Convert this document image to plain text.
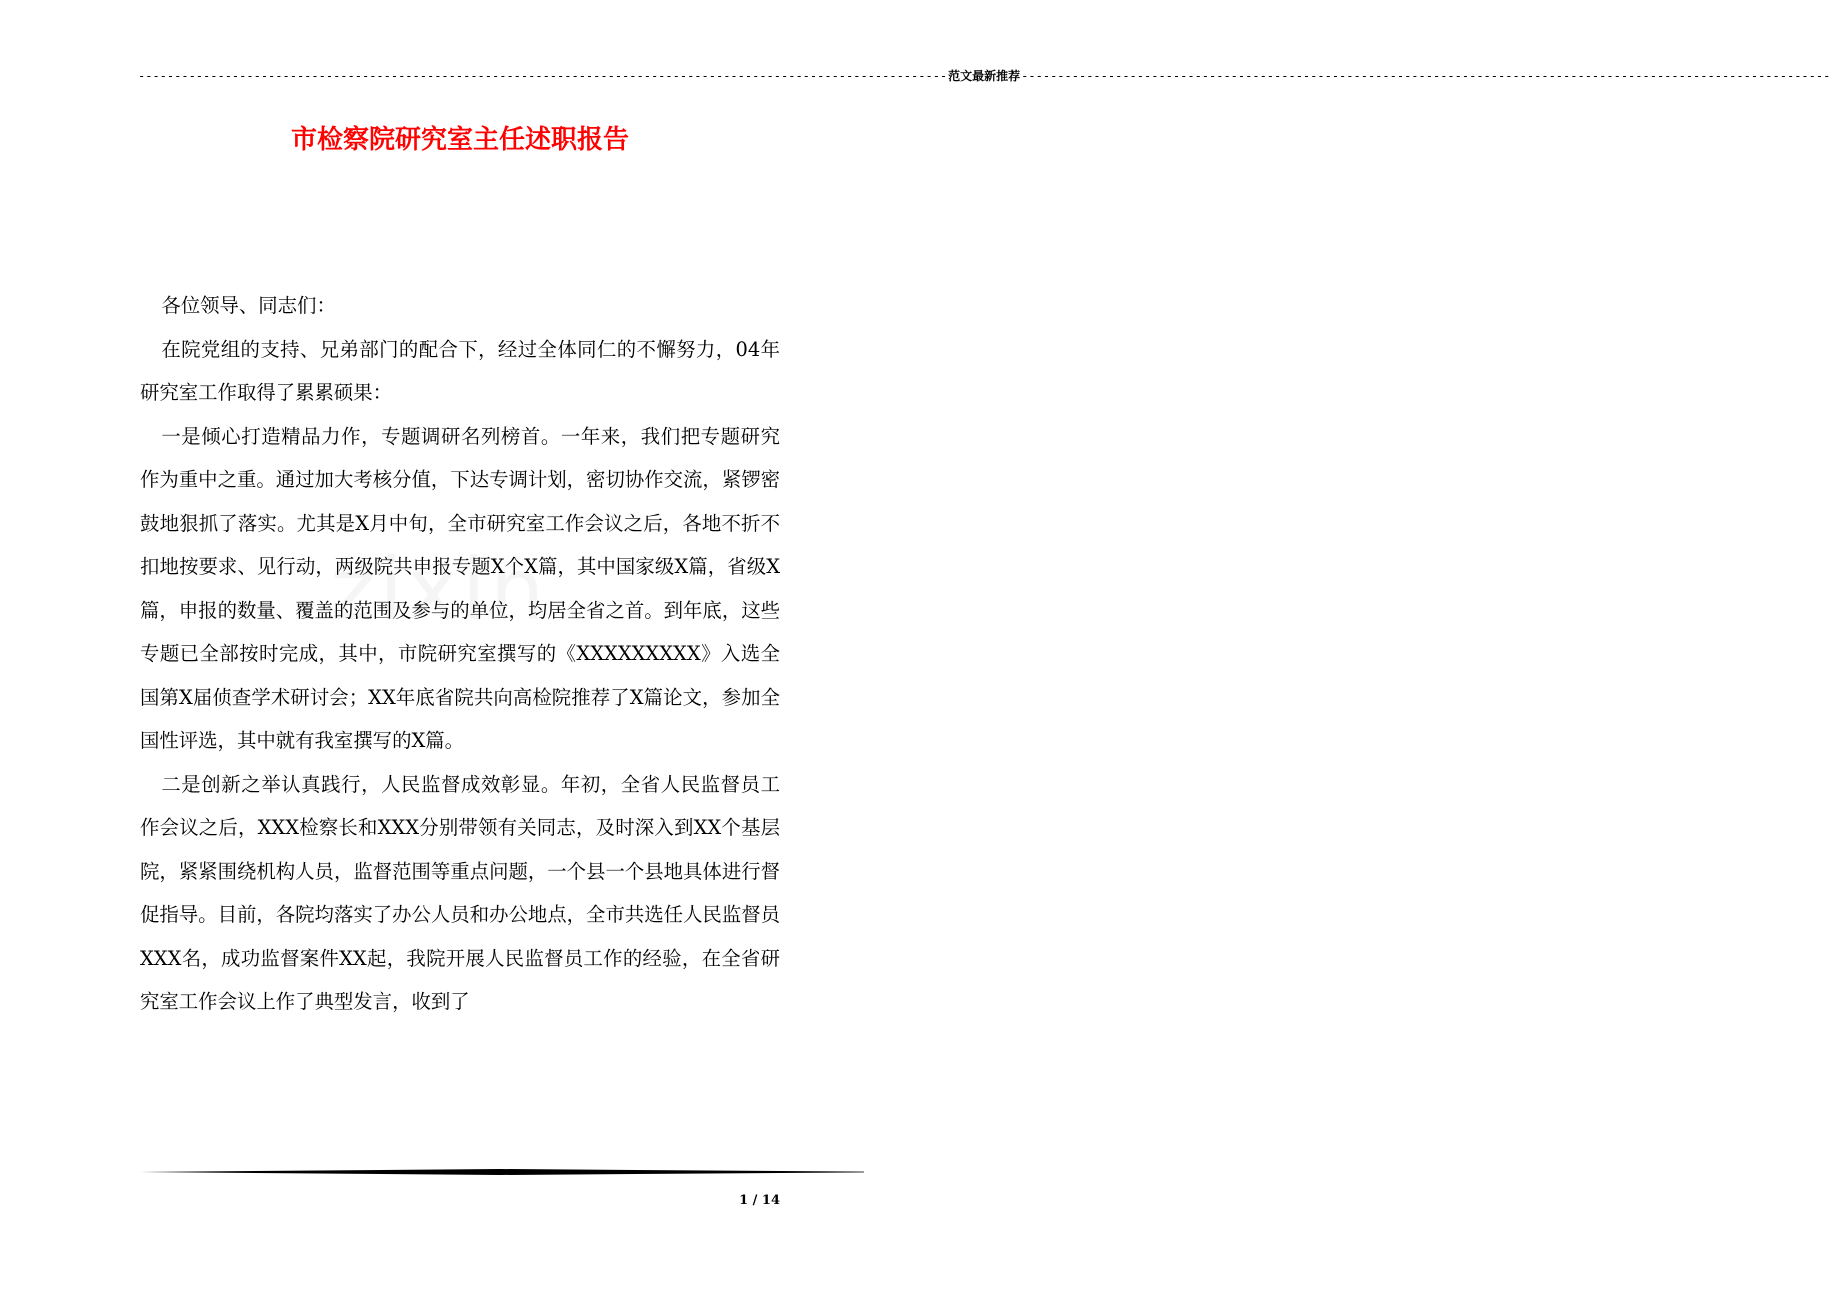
---------------------------------------------------------------------------------------------------------------- 范文最新推荐 ----------------------------------------------------------------------------------------------------------------
市检察院研究室主任述职报告

各位领导、同志们：

在院党组的支持、兄弟部门的配合下，经过全体同仁的不懈努力，04年研究室工作取得了累累硕果：

一是倾心打造精品力作，专题调研名列榜首。一年来，我们把专题研究作为重中之重。通过加大考核分值，下达专调计划，密切协作交流，紧锣密鼓地狠抓了落实。尤其是X月中旬，全市研究室工作会议之后，各地不折不扣地按要求、见行动，两级院共申报专题X个X篇，其中国家级X篇，省级X篇，申报的数量、覆盖的范围及参与的单位，均居全省之首。到年底，这些专题已全部按时完成，其中，市院研究室撰写的《XXXXXXXXX》入选全国第X届侦查学术研讨会；XX年底省院共向高检院推荐了X篇论文，参加全国性评选，其中就有我室撰写的X篇。

二是创新之举认真践行，人民监督成效彰显。年初，全省人民监督员工作会议之后，XXX检察长和XXX分别带领有关同志，及时深入到XX个基层院，紧紧围绕机构人员，监督范围等重点问题，一个县一个县地具体进行督促指导。目前，各院均落实了办公人员和办公地点，全市共选任人民监督员XXX名，成功监督案件XX起，我院开展人民监督员工作的经验，在全省研究室工作会议上作了典型发言，收到了

1 / 14
